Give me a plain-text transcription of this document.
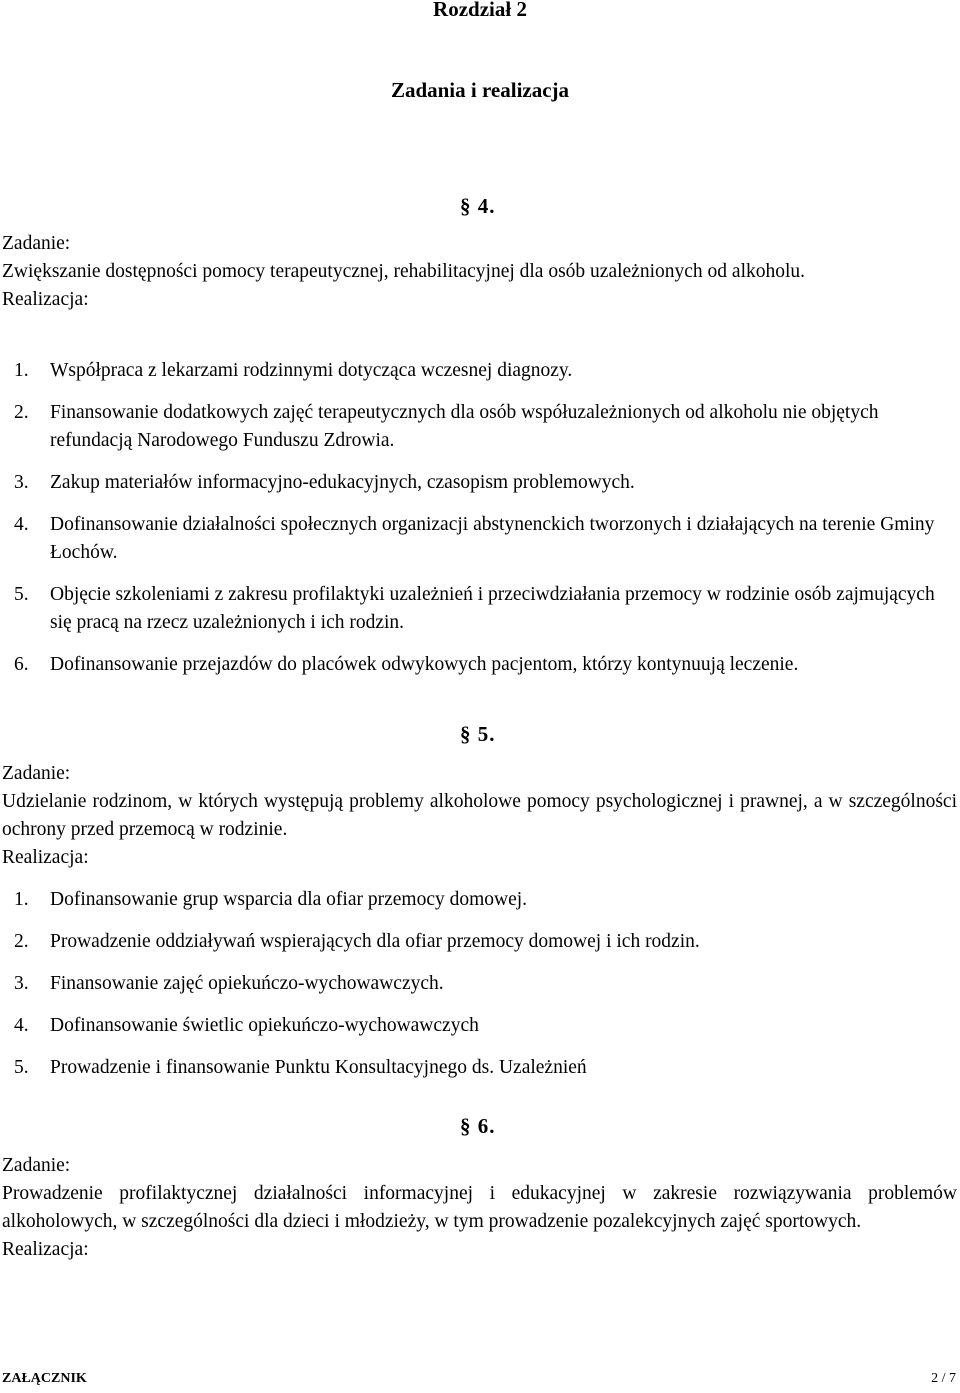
Rozdział 2
Zadania i realizacja
§ 4.
Zadanie:
Zwiększanie dostępności pomocy terapeutycznej, rehabilitacyjnej dla osób uzależnionych od alkoholu.
Realizacja:
1. Współpraca z lekarzami rodzinnymi dotycząca wczesnej diagnozy.
2. Finansowanie dodatkowych zajęć terapeutycznych dla osób współuzależnionych od alkoholu nie objętych refundacją Narodowego Funduszu Zdrowia.
3. Zakup materiałów informacyjno-edukacyjnych, czasopism problemowych.
4. Dofinansowanie działalności społecznych organizacji abstynenckich tworzonych i działających na terenie Gminy Łochów.
5. Objęcie szkoleniami z zakresu profilaktyki uzależnień i przeciwdziałania przemocy w rodzinie osób zajmujących się pracą na rzecz uzależnionych i ich rodzin.
6. Dofinansowanie przejazdów do placówek odwykowych pacjentom, którzy kontynuują leczenie.
§ 5.
Zadanie:
Udzielanie rodzinom, w których występują problemy alkoholowe pomocy psychologicznej i prawnej, a w szczególności ochrony przed przemocą w rodzinie.
Realizacja:
1. Dofinansowanie grup wsparcia dla ofiar przemocy domowej.
2. Prowadzenie oddziaływań wspierających dla ofiar przemocy domowej i ich rodzin.
3. Finansowanie zajęć opiekuńczo-wychowawczych.
4. Dofinansowanie świetlic opiekuńczo-wychowawczych
5. Prowadzenie i finansowanie Punktu Konsultacyjnego ds. Uzależnień
§ 6.
Zadanie:
Prowadzenie profilaktycznej działalności informacyjnej i edukacyjnej w zakresie rozwiązywania problemów alkoholowych, w szczególności dla dzieci i młodzieży, w tym prowadzenie pozalekcyjnych zajęć sportowych.
Realizacja:
ZAŁĄCZNIK	2 / 7
